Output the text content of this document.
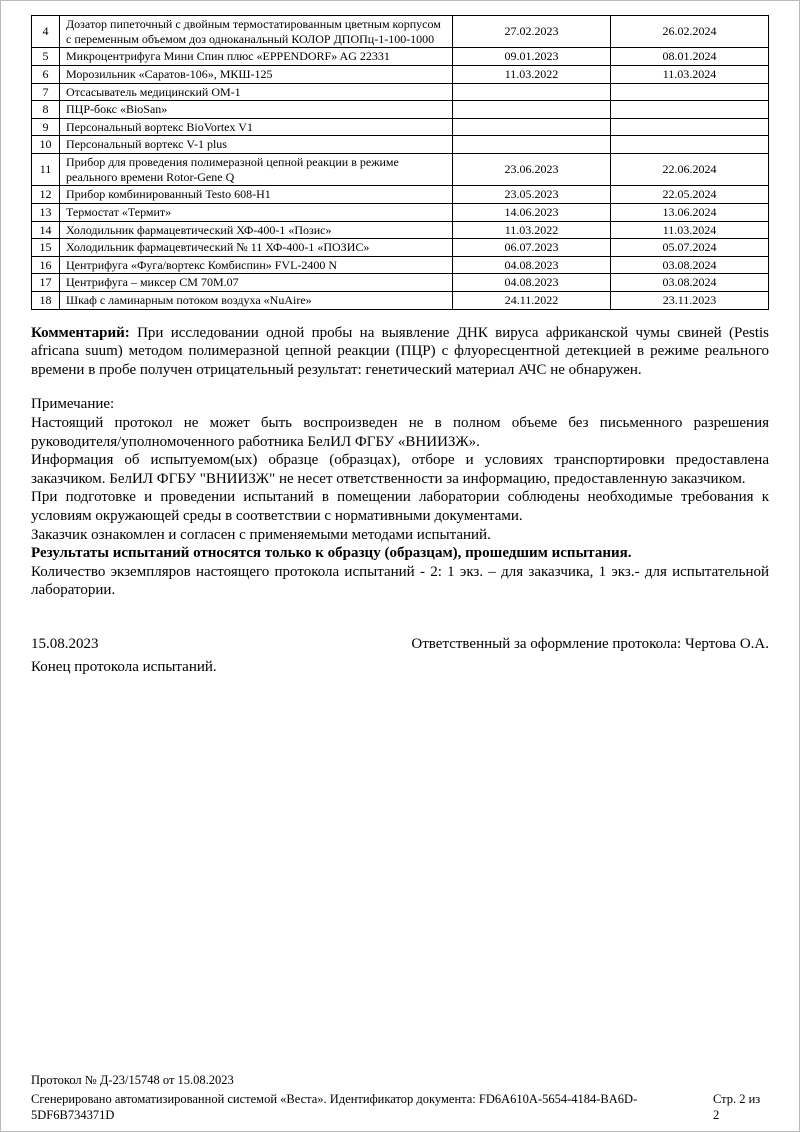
4	Дозатор пипеточный с двойным термостатированным цветным корпусом с переменным объемом доз одноканальный КОЛОР ДПОПц-1-100-1000	27.02.2023	26.02.2024
5	Микроцентрифуга Мини Спин плюс «EPPENDORF» AG 22331	09.01.2023	08.01.2024
6	Морозильник «Саратов-106», МКШ-125	11.03.2022	11.03.2024
7	Отсасыватель медицинский ОМ-1		
8	ПЦР-бокс «BioSan»		
9	Персональный вортекс BioVortex V1		
10	Персональный вортекс V-1 plus		
11	Прибор для проведения полимеразной цепной реакции в режиме реального времени Rotor-Gene Q	23.06.2023	22.06.2024
12	Прибор комбинированный Testo 608-H1	23.05.2023	22.05.2024
13	Термостат «Термит»	14.06.2023	13.06.2024
14	Холодильник фармацевтический ХФ-400-1 «Позис»	11.03.2022	11.03.2024
15	Холодильник фармацевтический № 11 ХФ-400-1 «ПОЗИС»	06.07.2023	05.07.2024
16	Центрифуга «Фуга/вортекс Комбиспин» FVL-2400 N	04.08.2023	03.08.2024
17	Центрифуга – миксер СМ 70М.07	04.08.2023	03.08.2024
18	Шкаф с ламинарным потоком воздуха «NuAire»	24.11.2022	23.11.2023

Комментарий: При исследовании одной пробы на выявление ДНК вируса африканской чумы свиней (Pestis africana suum) методом полимеразной цепной реакции (ПЦР) с флуоресцентной детекцией в режиме реального времени в пробе получен отрицательный результат: генетический материал АЧС не обнаружен.

Примечание:

Настоящий протокол не может быть воспроизведен не в полном объеме без письменного разрешения руководителя/уполномоченного работника БелИЛ ФГБУ «ВНИИЗЖ».

Информация об испытуемом(ых) образце (образцах), отборе и условиях транспортировки предоставлена заказчиком. БелИЛ ФГБУ "ВНИИЗЖ" не несет ответственности за информацию, предоставленную заказчиком.

При подготовке и проведении испытаний в помещении лаборатории соблюдены необходимые требования к условиям окружающей среды в соответствии с нормативными документами.

Заказчик ознакомлен и согласен с применяемыми методами испытаний.

Результаты испытаний относятся только к образцу (образцам), прошедшим испытания.

Количество экземпляров настоящего протокола испытаний - 2: 1 экз. – для заказчика, 1 экз.- для испытательной лаборатории.

15.08.2023	Ответственный за оформление протокола: Чертова О.А.

Конец протокола испытаний.

Протокол № Д-23/15748 от 15.08.2023
Сгенерировано автоматизированной системой «Веста». Идентификатор документа: FD6A610A-5654-4184-BA6D-5DF6B734371D
Стр. 2 из 2
